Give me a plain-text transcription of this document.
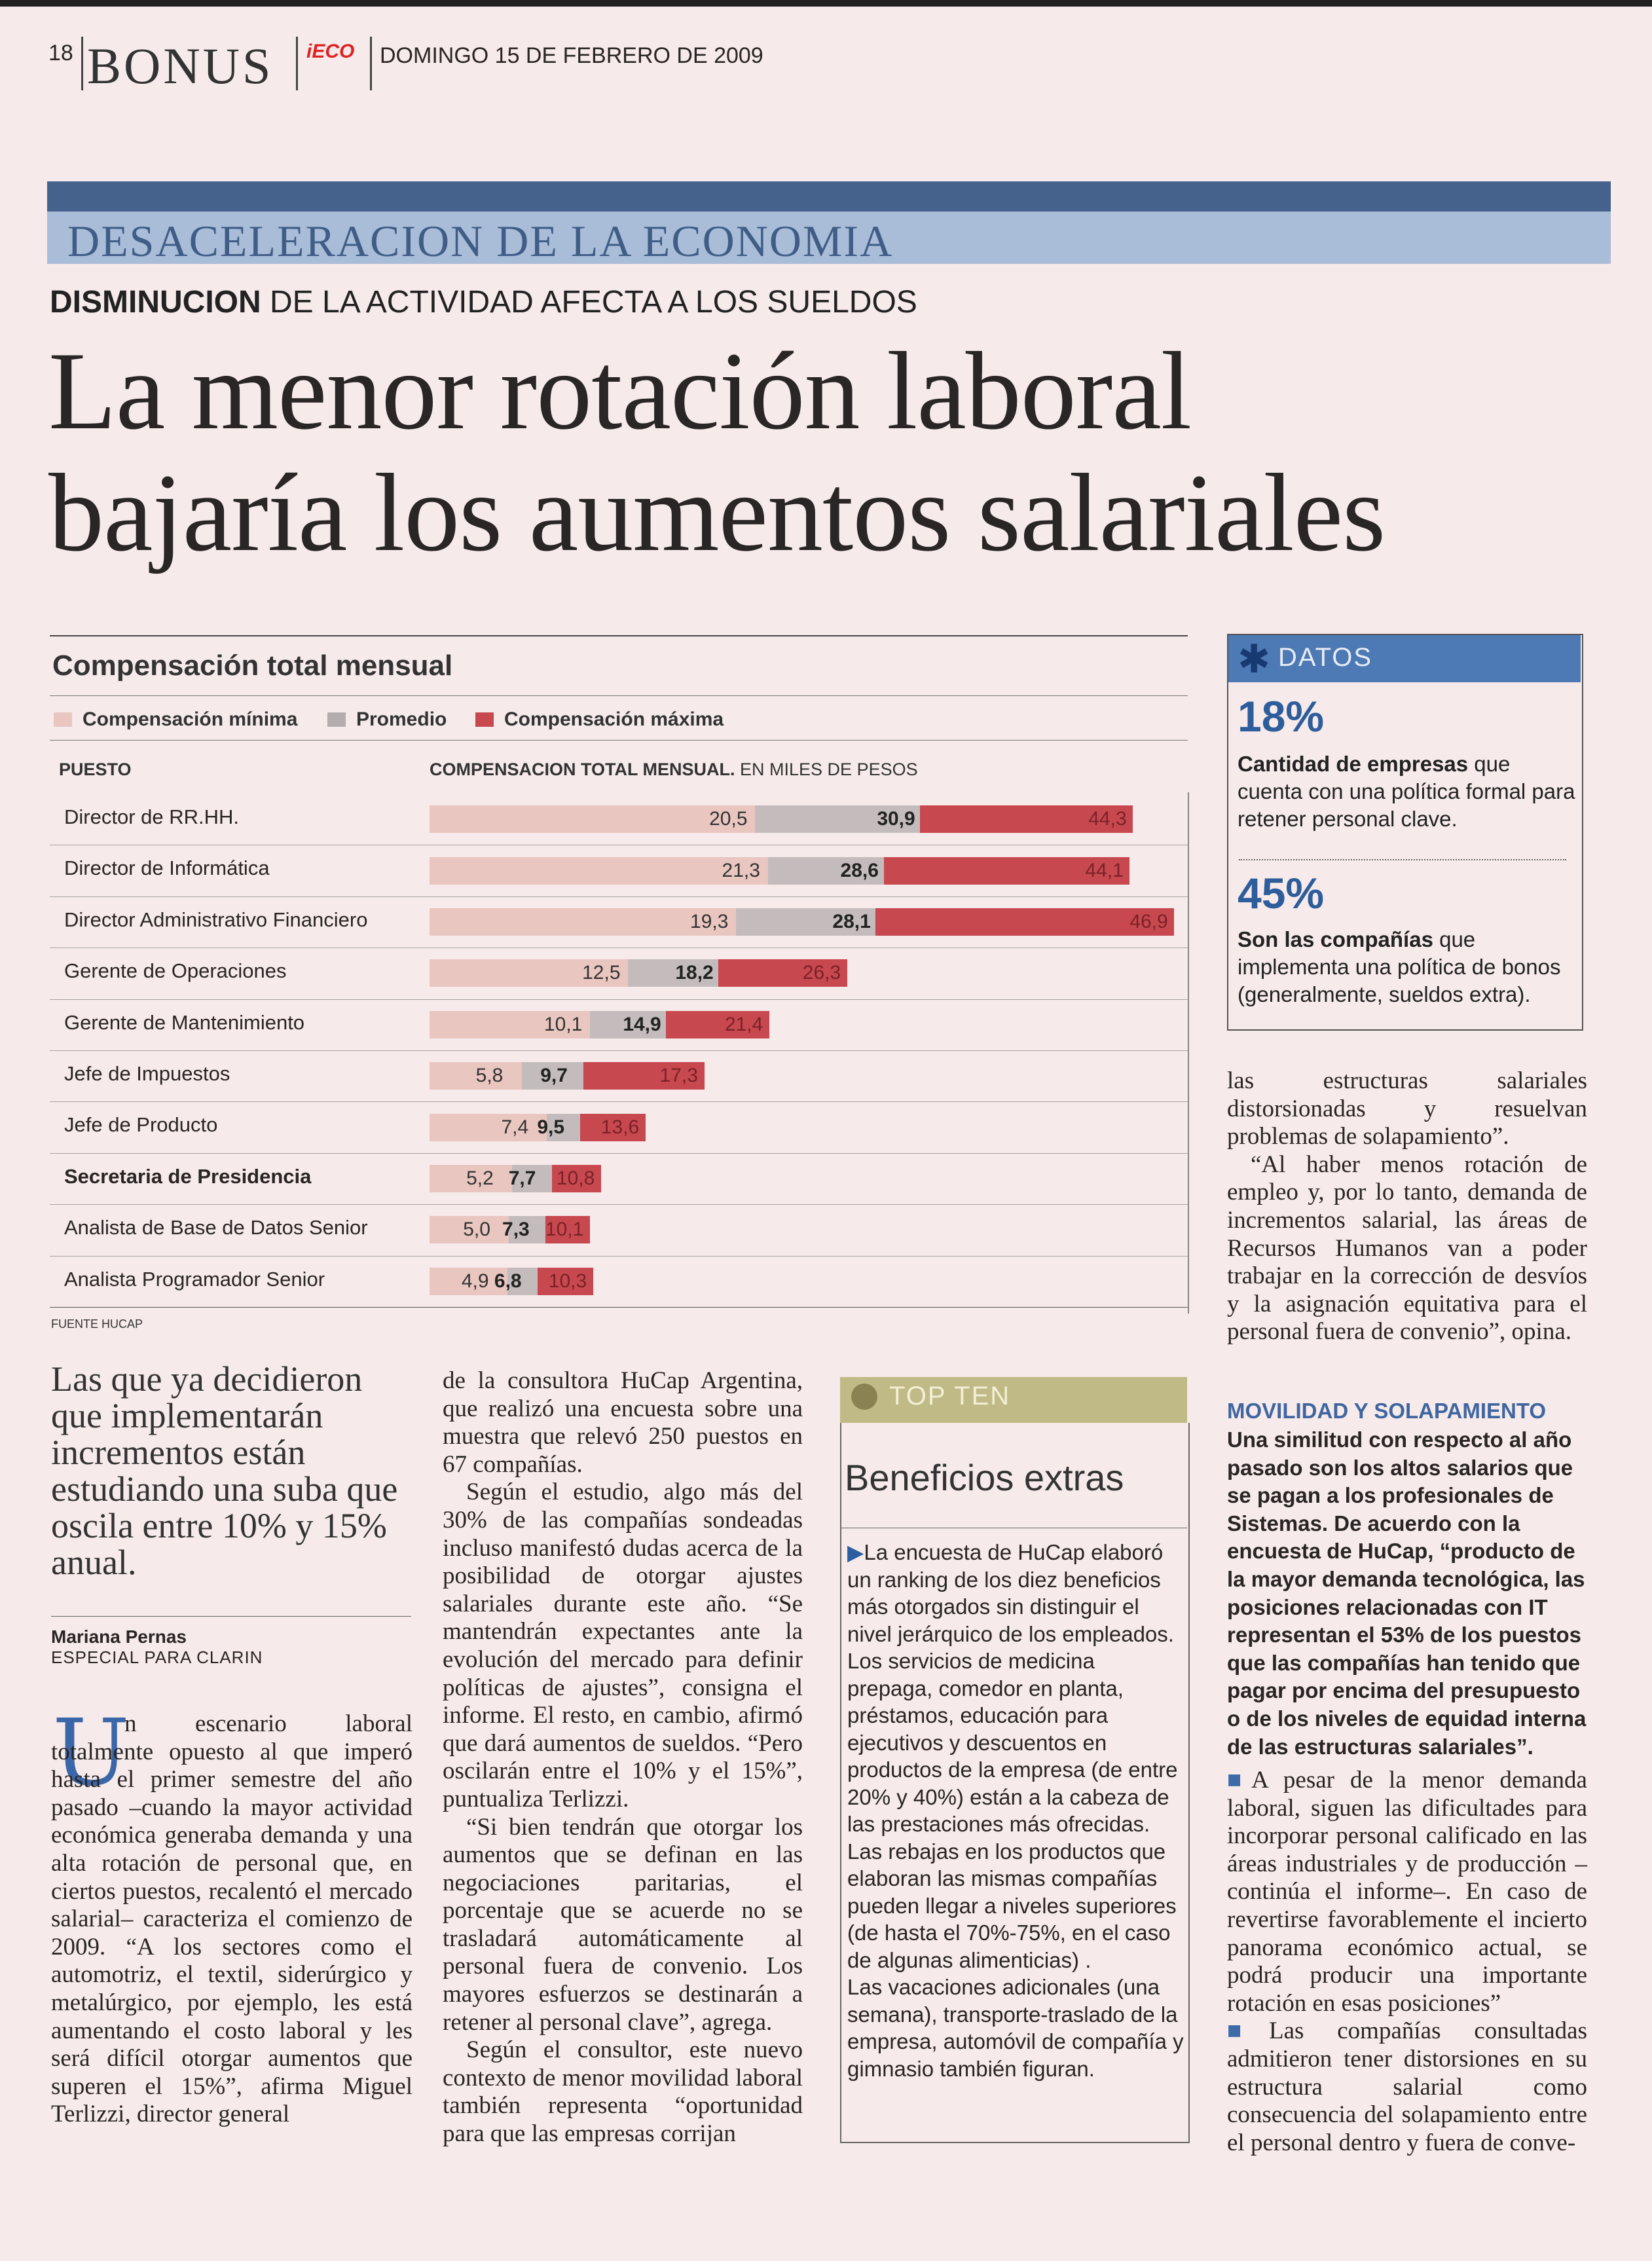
18 BONUS iECO DOMINGO 15 DE FEBRERO DE 2009
DESACELERACION DE LA ECONOMIA
DISMINUCION DE LA ACTIVIDAD AFECTA A LOS SUELDOS
La menor rotación laboral
bajaría los aumentos salariales
Compensación total mensual
Compensación mínima	Promedio	Compensación máxima
PUESTO	COMPENSACION TOTAL MENSUAL. EN MILES DE PESOS
Director de RR.HH.	20,5	30,9	44,3
Director de Informática	21,3	28,6	44,1
Director Administrativo Financiero	19,3	28,1	46,9
Gerente de Operaciones	12,5	18,2	26,3
Gerente de Mantenimiento	10,1 14,9	21,4
Jefe de Impuestos	5,8 9,7	17,3
Jefe de Producto	7,4 9,5 13,6
Secretaria de Presidencia	5,2 7,7 10,8
Analista de Base de Datos Senior	5,0 7,3 10,1
Analista Programador Senior	4,9 6,8 10,3
FUENTE HUCAP
✱ DATOS
18%
Cantidad de empresas que cuenta con una política formal para retener personal clave.
45%
Son las compañías que implementa una política de bonos (generalmente, sueldos extra).
Las que ya decidieron que implementarán incrementos están estudiando una suba que oscila entre 10% y 15% anual.
Mariana Pernas
ESPECIAL PARA CLARIN
U
n escenario laboral totalmente opuesto al que imperó hasta el primer semestre del año pasado –cuando la mayor actividad económica generaba demanda y una alta rotación de personal que, en ciertos puestos, recalentó el mercado salarial– caracteriza el comienzo de 2009. “A los sectores como el automotriz, el textil, siderúrgico y metalúrgico, por ejemplo, les está aumentando el costo laboral y les será difícil otorgar aumentos que superen el 15%”, afirma Miguel Terlizzi, director general

de la consultora HuCap Argentina, que realizó una encuesta sobre una muestra que relevó 250 puestos en 67 compañías.

Según el estudio, algo más del 30% de las compañías sondeadas incluso manifestó dudas acerca de la posibilidad de otorgar ajustes salariales durante este año. “Se mantendrán expectantes ante la evolución del mercado para definir políticas de ajustes”, consigna el informe. El resto, en cambio, afirmó que dará aumentos de sueldos. “Pero oscilarán entre el 10% y el 15%”, puntualiza Terlizzi.

“Si bien tendrán que otorgar los aumentos que se definan en las negociaciones paritarias, el porcentaje que se acuerde no se trasladará automáticamente al personal fuera de convenio. Los mayores esfuerzos se destinarán a retener al personal clave”, agrega.

Según el consultor, este nuevo contexto de menor movilidad laboral también representa “oportunidad para que las empresas corrijan

TOP TEN
Beneficios extras
▶La encuesta de HuCap elaboró un ranking de los diez beneficios más otorgados sin distinguir el nivel jerárquico de los empleados. Los servicios de medicina prepaga, comedor en planta, préstamos, educación para ejecutivos y descuentos en productos de la empresa (de entre 20% y 40%) están a la cabeza de las prestaciones más ofrecidas. Las rebajas en los productos que elaboran las mismas compañías pueden llegar a niveles superiores (de hasta el 70%-75%, en el caso de algunas alimenticias) .
Las vacaciones adicionales (una semana), transporte-traslado de la empresa, automóvil de compañía y gimnasio también figuran.

las estructuras salariales distorsionadas y resuelvan problemas de solapamiento”.

“Al haber menos rotación de empleo y, por lo tanto, demanda de incrementos salarial, las áreas de Recursos Humanos van a poder trabajar en la corrección de desvíos y la asignación equitativa para el personal fuera de convenio”, opina.

MOVILIDAD Y SOLAPAMIENTO
Una similitud con respecto al año pasado son los altos salarios que se pagan a los profesionales de Sistemas. De acuerdo con la encuesta de HuCap, “producto de la mayor demanda tecnológica, las posiciones relacionadas con IT representan el 53% de los puestos que las compañías han tenido que pagar por encima del presupuesto o de los niveles de equidad interna de las estructuras salariales”.

■A pesar de la menor demanda laboral, siguen las dificultades para incorporar personal calificado en las áreas industriales y de producción –continúa el informe–. En caso de revertirse favorablemente el incierto panorama económico actual, se podrá producir una importante rotación en esas posiciones”

■Las compañías consultadas admitieron tener distorsiones en su estructura salarial como consecuencia del solapamiento entre el personal dentro y fuera de conve-
